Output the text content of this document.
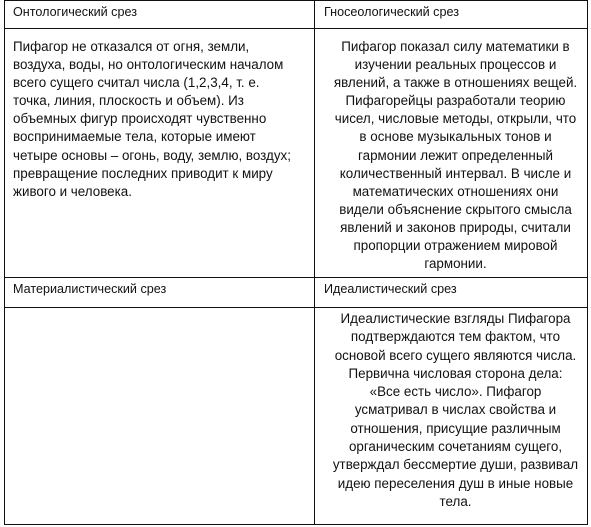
Онтологический срез	Гносеологический срез
Пифагор не отказался от огня, земли,
воздуха, воды, но онтологическим началом
всего сущего считал числа (1,2,3,4, т. е.
точка, линия, плоскость и объем). Из
объемных фигур происходят чувственно
воспринимаемые тела, которые имеют
четыре основы – огонь, воду, землю, воздух;
превращение последних приводит к миру
живого и человека.
Пифагор показал силу математики в
изучении реальных процессов и
явлений, а также в отношениях вещей.
Пифагорейцы разработали теорию
чисел, числовые методы, открыли, что
в основе музыкальных тонов и
гармонии лежит определенный
количественный интервал. В числе и
математических отношениях они
видели объяснение скрытого смысла
явлений и законов природы, считали
пропорции отражением мировой
гармонии.
Материалистический срез	Идеалистический срез
Идеалистические взгляды Пифагора
подтверждаются тем фактом, что
основой всего сущего являются числа.
Первична числовая сторона дела:
«Все есть число». Пифагор
усматривал в числах свойства и
отношения, присущие различным
органическим сочетаниям сущего,
утверждал бессмертие души, развивал
идею переселения душ в иные новые
тела.
